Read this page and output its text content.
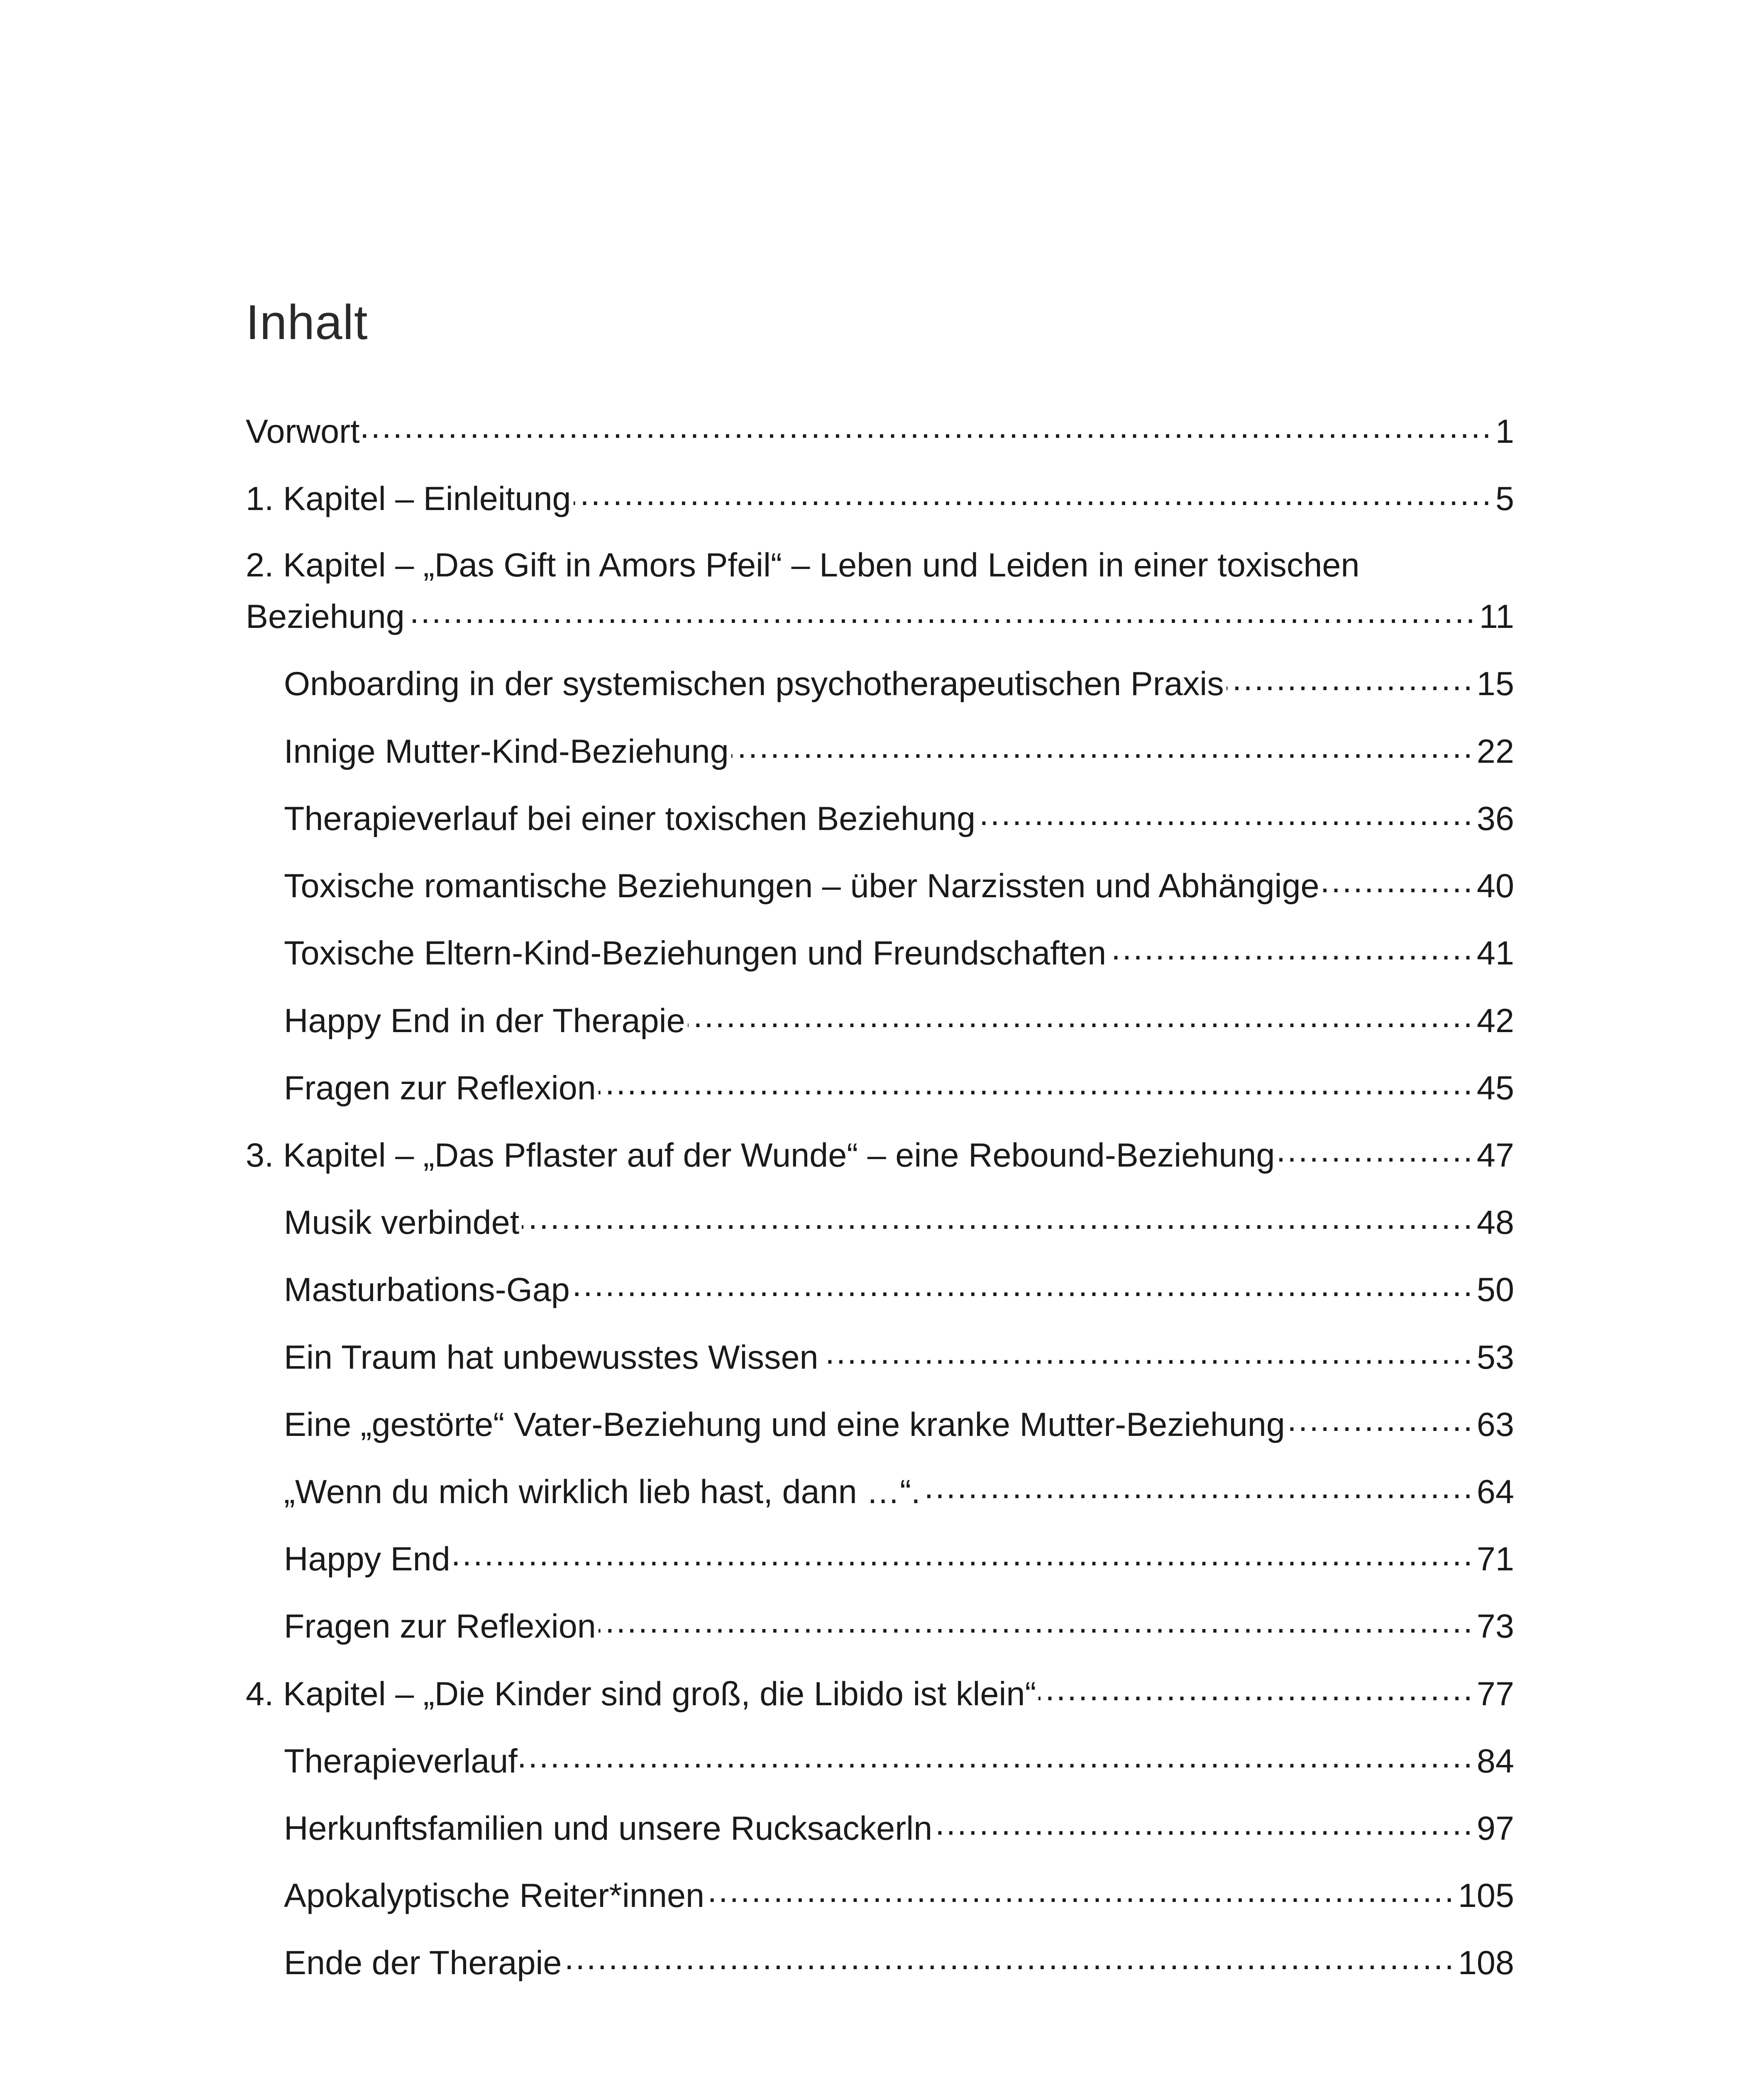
Inhalt
Vorwort .....	1
1. Kapitel – Einleitung .....	5
2. Kapitel – „Das Gift in Amors Pfeil“ – Leben und Leiden in einer toxischen
Beziehung .....	11
Onboarding in der systemischen psychotherapeutischen Praxis .....	15
Innige Mutter-Kind-Beziehung .....	22
Therapieverlauf bei einer toxischen Beziehung .....	36
Toxische romantische Beziehungen – über Narzissten und Abhängige .....	40
Toxische Eltern-Kind-Beziehungen und Freundschaften .....	41
Happy End in der Therapie .....	42
Fragen zur Reflexion .....	45
3. Kapitel – „Das Pflaster auf der Wunde“ – eine Rebound-Beziehung .....	47
Musik verbindet .....	48
Masturbations-Gap .....	50
Ein Traum hat unbewusstes Wissen .....	53
Eine „gestörte“ Vater-Beziehung und eine kranke Mutter-Beziehung .....	63
„Wenn du mich wirklich lieb hast, dann …“. .....	64
Happy End .....	71
Fragen zur Reflexion .....	73
4. Kapitel – „Die Kinder sind groß, die Libido ist klein“ .....	77
Therapieverlauf .....	84
Herkunftsfamilien und unsere Rucksackerln .....	97
Apokalyptische Reiter*innen .....	105
Ende der Therapie .....	108
